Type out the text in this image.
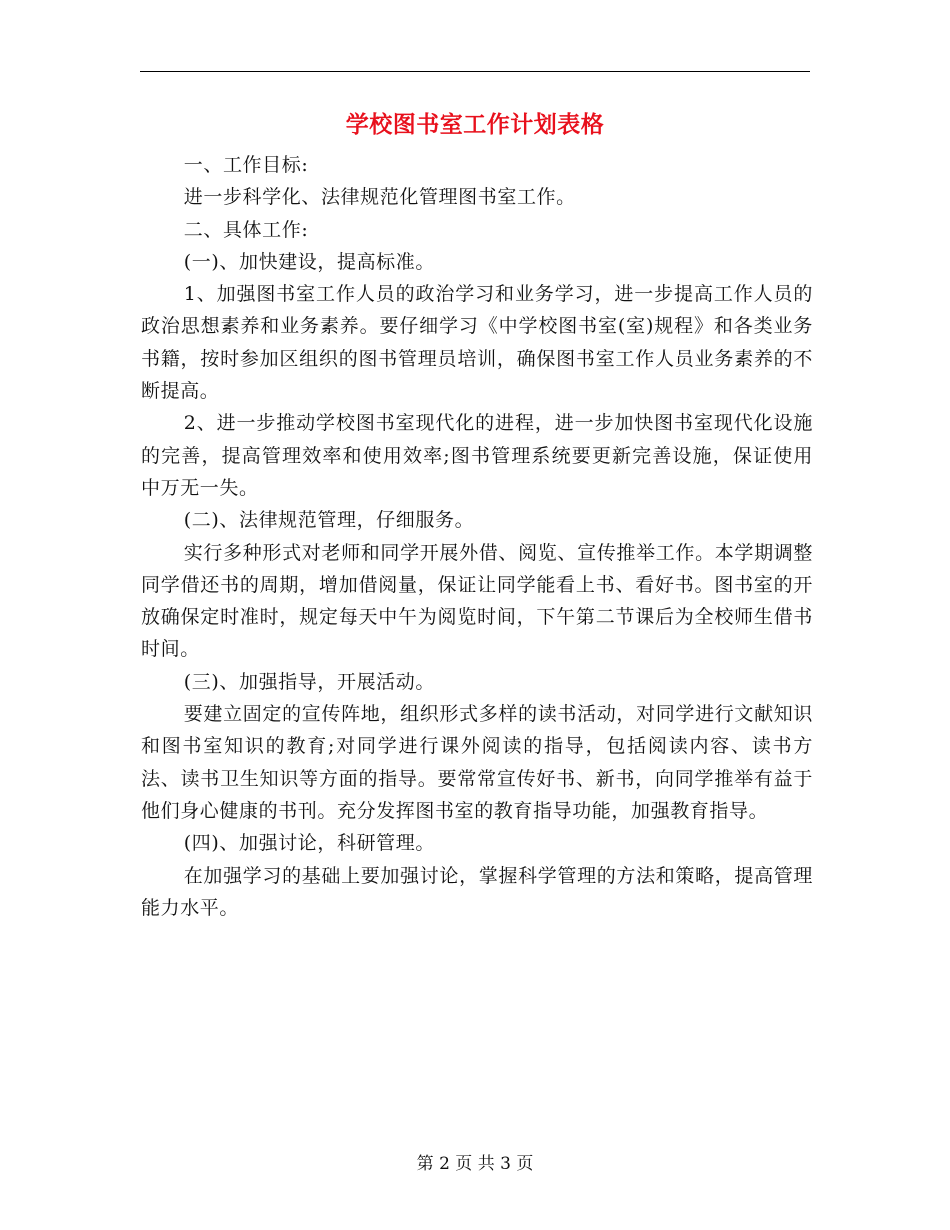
学校图书室工作计划表格

一、工作目标:

进一步科学化、法律规范化管理图书室工作。

二、具体工作:

(一)、加快建设，提高标准。

1、加强图书室工作人员的政治学习和业务学习，进一步提高工作人员的政治思想素养和业务素养。要仔细学习《中学校图书室(室)规程》和各类业务书籍，按时参加区组织的图书管理员培训，确保图书室工作人员业务素养的不断提高。

2、进一步推动学校图书室现代化的进程，进一步加快图书室现代化设施的完善，提高管理效率和使用效率;图书管理系统要更新完善设施，保证使用中万无一失。

(二)、法律规范管理，仔细服务。

实行多种形式对老师和同学开展外借、阅览、宣传推举工作。本学期调整同学借还书的周期，增加借阅量，保证让同学能看上书、看好书。图书室的开放确保定时准时，规定每天中午为阅览时间，下午第二节课后为全校师生借书时间。

(三)、加强指导，开展活动。

要建立固定的宣传阵地，组织形式多样的读书活动，对同学进行文献知识和图书室知识的教育;对同学进行课外阅读的指导，包括阅读内容、读书方法、读书卫生知识等方面的指导。要常常宣传好书、新书，向同学推举有益于他们身心健康的书刊。充分发挥图书室的教育指导功能，加强教育指导。

(四)、加强讨论，科研管理。

在加强学习的基础上要加强讨论，掌握科学管理的方法和策略，提高管理能力水平。

第 2 页 共 3 页
